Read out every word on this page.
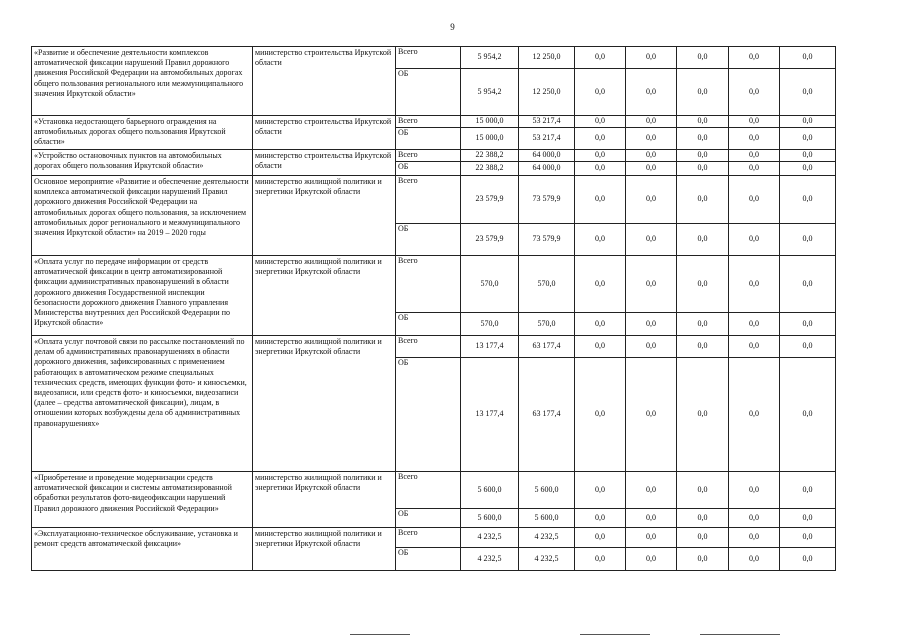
9
«Развитие и обеспечение деятельности комплексов автоматической фиксации нарушений Правил дорожного движения Российской Федерации на автомобильных дорогах общего пользования регионального или межмуниципального значения Иркутской области»	министерство строительства Иркутской области	Всего	5 954,2	12 250,0	0,0	0,0	0,0	0,0	0,0
		ОБ	5 954,2	12 250,0	0,0	0,0	0,0	0,0	0,0
«Установка недостающего барьерного ограждения на автомобильных дорогах общего пользования Иркутской области»	министерство строительства Иркутской области	Всего	15 000,0	53 217,4	0,0	0,0	0,0	0,0	0,0
		ОБ	15 000,0	53 217,4	0,0	0,0	0,0	0,0	0,0
«Устройство остановочных пунктов на автомобильных дорогах общего пользования Иркутской области»	министерство строительства Иркутской области	Всего	22 388,2	64 000,0	0,0	0,0	0,0	0,0	0,0
		ОБ	22 388,2	64 000,0	0,0	0,0	0,0	0,0	0,0
Основное мероприятие «Развитие и обеспечение деятельности комплекса автоматической фиксации нарушений Правил дорожного движения Российской Федерации на автомобильных дорогах общего пользования, за исключением автомобильных дорог регионального и межмуниципального значения Иркутской области» на 2019 – 2020 годы	министерство жилищной политики и энергетики Иркутской области	Всего	23 579,9	73 579,9	0,0	0,0	0,0	0,0	0,0
		ОБ	23 579,9	73 579,9	0,0	0,0	0,0	0,0	0,0
«Оплата услуг по передаче информации от средств автоматической фиксации в центр автоматизированной фиксации административных правонарушений в области дорожного движения Государственной инспекции безопасности дорожного движения Главного управления Министерства внутренних дел Российской Федерации по Иркутской области»	министерство жилищной политики и энергетики Иркутской области	Всего	570,0	570,0	0,0	0,0	0,0	0,0	0,0
		ОБ	570,0	570,0	0,0	0,0	0,0	0,0	0,0
«Оплата услуг почтовой связи по рассылке постановлений по делам об административных правонарушениях в области дорожного движения, зафиксированных с применением работающих в автоматическом режиме специальных технических средств, имеющих функции фото- и киносъемки, видеозаписи, или средств фото- и киносъемки, видеозаписи (далее – средства автоматической фиксации), лицам, в отношении которых возбуждены дела об административных правонарушениях»	министерство жилищной политики и энергетики Иркутской области	Всего	13 177,4	63 177,4	0,0	0,0	0,0	0,0	0,0
		ОБ	13 177,4	63 177,4	0,0	0,0	0,0	0,0	0,0
«Приобретение и проведение модернизации средств автоматической фиксации и системы автоматизированной обработки результатов фото-видеофиксации нарушений Правил дорожного движения Российской Федерации»	министерство жилищной политики и энергетики Иркутской области	Всего	5 600,0	5 600,0	0,0	0,0	0,0	0,0	0,0
		ОБ	5 600,0	5 600,0	0,0	0,0	0,0	0,0	0,0
«Эксплуатационно-техническое обслуживание, установка и ремонт средств автоматической фиксации»	министерство жилищной политики и энергетики Иркутской области	Всего	4 232,5	4 232,5	0,0	0,0	0,0	0,0	0,0
		ОБ	4 232,5	4 232,5	0,0	0,0	0,0	0,0	0,0
